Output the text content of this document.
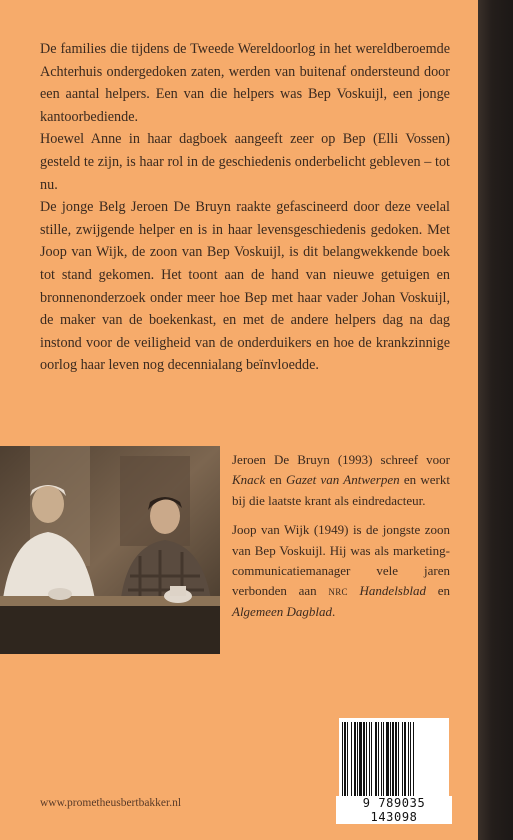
De families die tijdens de Tweede Wereldoorlog in het wereldberoemde Achterhuis ondergedoken zaten, werden van buitenaf ondersteund door een aantal helpers. Een van die helpers was Bep Voskuijl, een jonge kantoorbediende.

Hoewel Anne in haar dagboek aangeeft zeer op Bep (Elli Vossen) gesteld te zijn, is haar rol in de geschiedenis onderbelicht gebleven – tot nu.

De jonge Belg Jeroen De Bruyn raakte gefascineerd door deze veelal stille, zwijgende helper en is in haar levensgeschiedenis gedoken. Met Joop van Wijk, de zoon van Bep Voskuijl, is dit belangwekkende boek tot stand gekomen. Het toont aan de hand van nieuwe getuigen en bronnenonderzoek onder meer hoe Bep met haar vader Johan Voskuijl, de maker van de boekenkast, en met de andere helpers dag na dag instond voor de veiligheid van de onderduikers en hoe de krankzinnige oorlog haar leven nog decennialang beïnvloedde.

Jeroen De Bruyn (1993) schreef voor Knack en Gazet van Antwerpen en werkt bij die laatste krant als eindredacteur.

Joop van Wijk (1949) is de jongste zoon van Bep Voskuijl. Hij was als marketing-communicatiemanager vele jaren verbonden aan nrc Handelsblad en Algemeen Dagblad.

www.prometheusbertbakker.nl	9 789035 143098
